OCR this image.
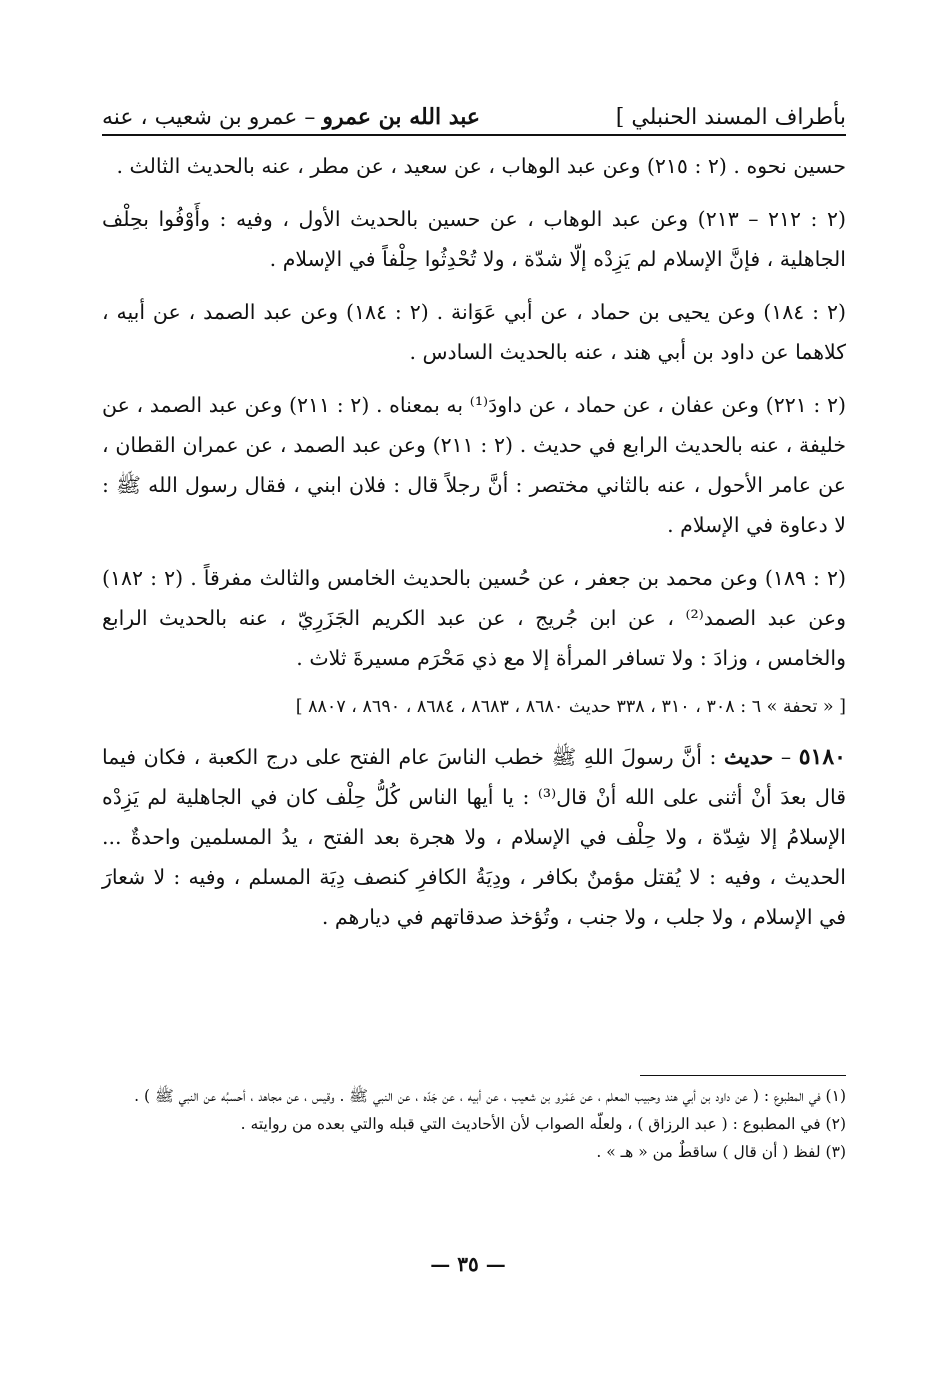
بأطراف المسند الحنبلي ]
عبد الله بن عمرو – عمرو بن شعيب ، عنه

حسين نحوه . (٢ : ٢١٥) وعن عبد الوهاب ، عن سعيد ، عن مطر ، عنه بالحديث الثالث .

(٢ : ٢١٢ – ٢١٣) وعن عبد الوهاب ، عن حسين بالحديث الأول ، وفيه : وأَوْفُوا بحِلْف الجاهلية ، فإنَّ الإسلام لم يَزِدْه إلّا شدّة ، ولا تُحْدِثُوا حِلْفاً في الإسلام .

(٢ : ١٨٤) وعن يحيى بن حماد ، عن أبي عَوَانة . (٢ : ١٨٤) وعن عبد الصمد ، عن أبيه ، كلاهما عن داود بن أبي هند ، عنه بالحديث السادس .

(٢ : ٢٢١) وعن عفان ، عن حماد ، عن داودَ⁽¹⁾ به بمعناه . (٢ : ٢١١) وعن عبد الصمد ، عن خليفة ، عنه بالحديث الرابع في حديث . (٢ : ٢١١) وعن عبد الصمد ، عن عمران القطان ، عن عامر الأحول ، عنه بالثاني مختصر : أنَّ رجلاً قال : فلان ابني ، فقال رسول الله ﷺ : لا دعاوة في الإسلام .

(٢ : ١٨٩) وعن محمد بن جعفر ، عن حُسين بالحديث الخامس والثالث مفرقاً . (٢ : ١٨٢) وعن عبد الصمد⁽²⁾ ، عن ابن جُريج ، عن عبد الكريم الجَزَرِيّ ، عنه بالحديث الرابع والخامس ، وزادَ : ولا تسافر المرأة إلا مع ذي مَحْرَم مسيرةَ ثلاث .

[ « تحفة » ٦ : ٣٠٨ ، ٣١٠ ، ٣٣٨ حديث ٨٦٨٠ ، ٨٦٨٣ ، ٨٦٨٤ ، ٨٦٩٠ ، ٨٨٠٧ ]

٥١٨٠ – حديث : أنَّ رسولَ اللهِ ﷺ خطب الناسَ عام الفتح على درج الكعبة ، فكان فيما قال بعدَ أنْ أثنى على الله أنْ قال⁽³⁾ : يا أيها الناس كُلُّ حِلْف كان في الجاهلية لم يَزِدْه الإسلامُ إلا شِدّة ، ولا حِلْف في الإسلام ، ولا هجرة بعد الفتح ، يدُ المسلمين واحدةٌ ... الحديث ، وفيه : لا يُقتل مؤمنٌ بكافر ، ودِيَةُ الكافرِ كنصف دِيَة المسلم ، وفيه : لا شعارَ في الإسلام ، ولا جلب ، ولا جنب ، وتُؤخذ صدقاتهم في ديارهم .

(١) في المطبوع : ( عن داود بن أبي هند وحبيب المعلم ، عن عَمْرو بن شعيب ، عن أبيه ، عن جَدّه ، عن النبي ﷺ . وقيس ، عن مجاهد ، أحسبُه عن النبي ﷺ ) .

(٢) في المطبوع : ( عبد الرزاق ) ، ولعلّه الصواب لأن الأحاديث التي قبله والتي بعده من روايته .

(٣) لفظ ( أن قال ) ساقطٌ من « هـ » .

— ٣٥ —
